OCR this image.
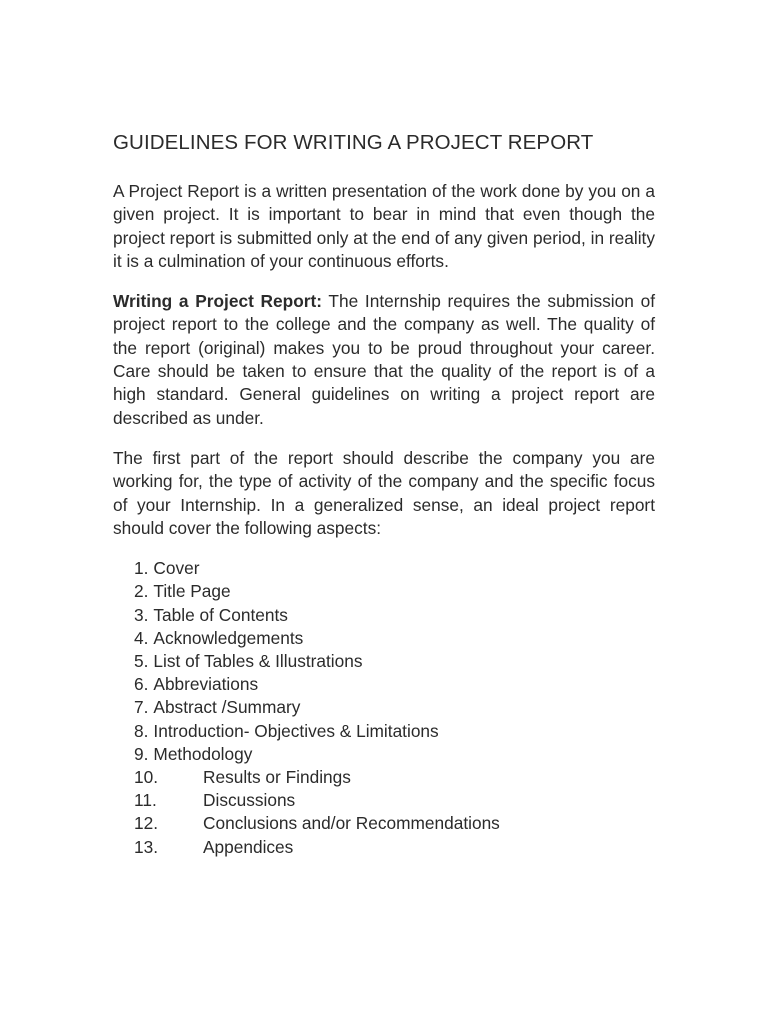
GUIDELINES FOR WRITING A PROJECT REPORT

A Project Report is a written presentation of the work done by you on a given project. It is important to bear in mind that even though the project report is submitted only at the end of any given period, in reality it is a culmination of your continuous efforts.

Writing a Project Report: The Internship requires the submission of project report to the college and the company as well. The quality of the report (original) makes you to be proud throughout your career. Care should be taken to ensure that the quality of the report is of a high standard. General guidelines on writing a project report are described as under.

The first part of the report should describe the company you are working for, the type of activity of the company and the specific focus of your Internship. In a generalized sense, an ideal project report should cover the following aspects:

1. Cover
2. Title Page
3. Table of Contents
4. Acknowledgements
5. List of Tables & Illustrations
6. Abbreviations
7. Abstract /Summary
8. Introduction- Objectives & Limitations
9. Methodology
10.	Results or Findings
11.	Discussions
12.	Conclusions and/or Recommendations
13.	Appendices
